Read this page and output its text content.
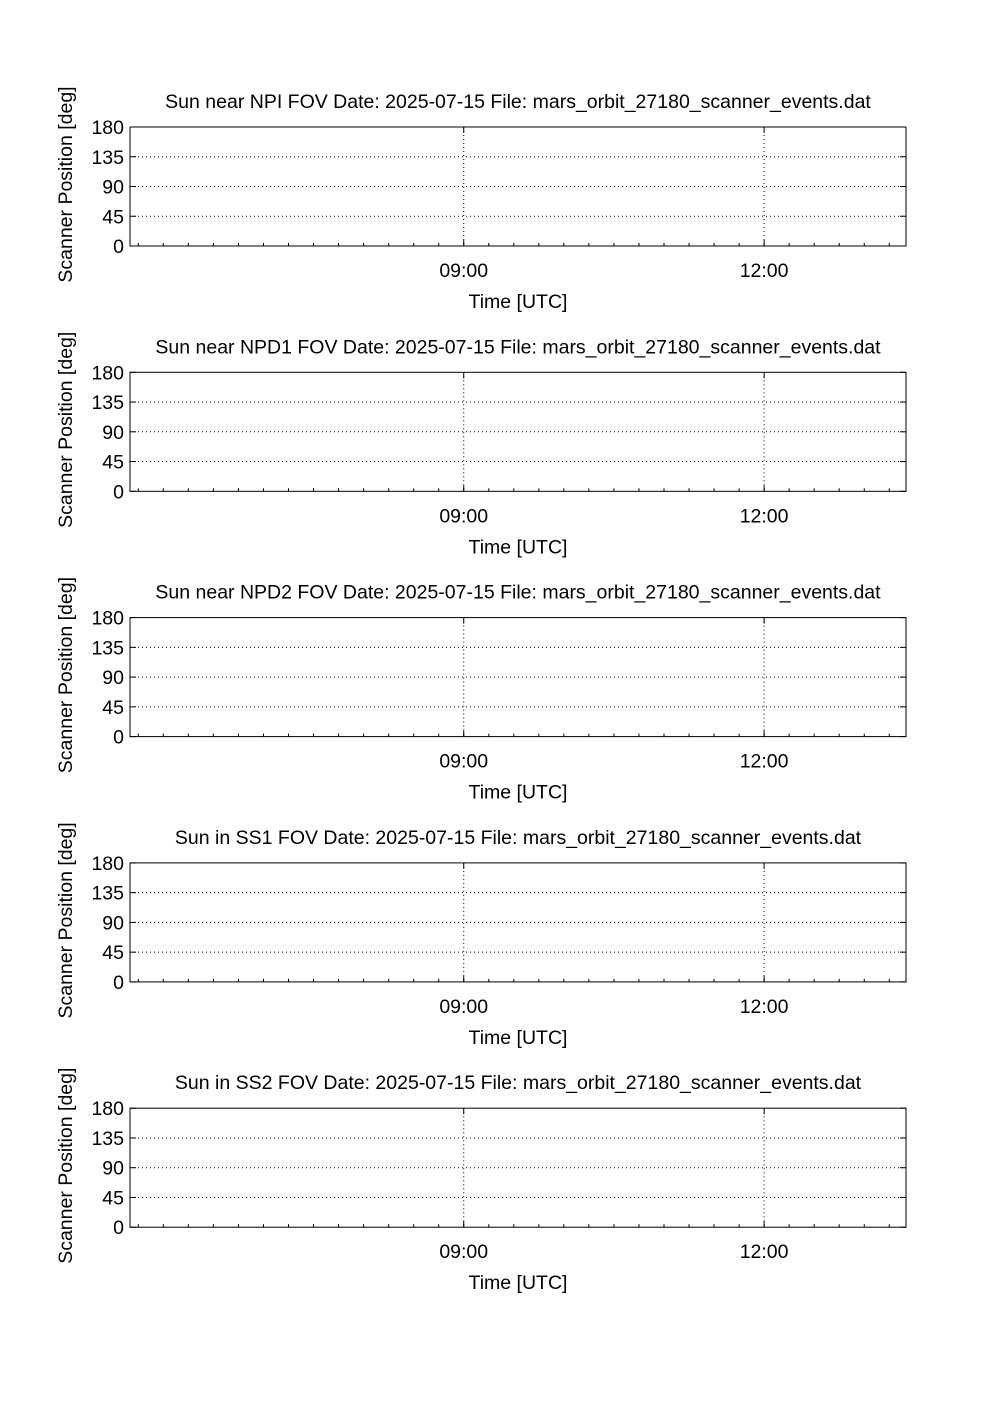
Sun near NPI FOV Date: 2025-07-15 File: mars_orbit_27180_scanner_events.dat
0
45
90
135
180
09:00	12:00
Time [UTC]
Scanner Position [deg]
Sun near NPD1 FOV Date: 2025-07-15 File: mars_orbit_27180_scanner_events.dat
0
45
90
135
180
09:00	12:00
Time [UTC]
Scanner Position [deg]
Sun near NPD2 FOV Date: 2025-07-15 File: mars_orbit_27180_scanner_events.dat
0
45
90
135
180
09:00	12:00
Time [UTC]
Scanner Position [deg]
Sun in SS1 FOV Date: 2025-07-15 File: mars_orbit_27180_scanner_events.dat
0
45
90
135
180
09:00	12:00
Time [UTC]
Scanner Position [deg]
Sun in SS2 FOV Date: 2025-07-15 File: mars_orbit_27180_scanner_events.dat
0
45
90
135
180
09:00	12:00
Time [UTC]
Scanner Position [deg]
